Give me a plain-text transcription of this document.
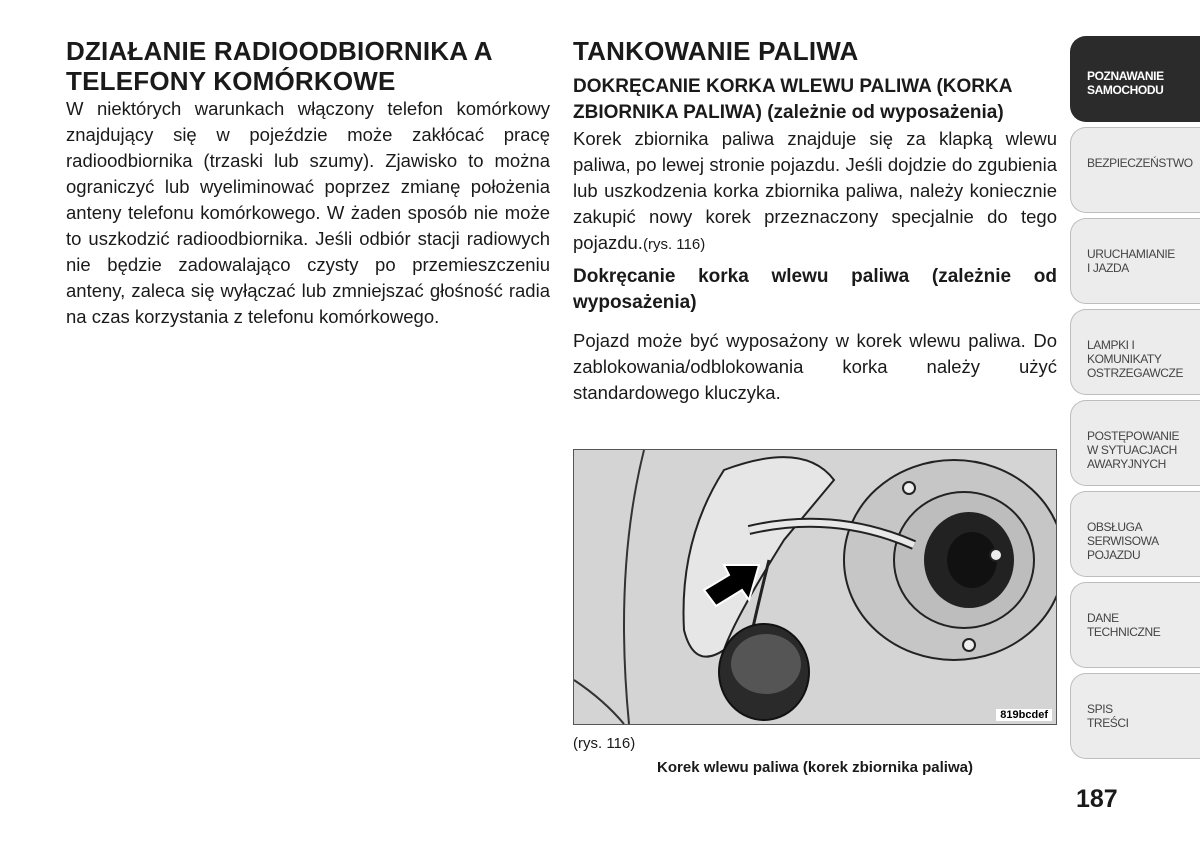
DZIAŁANIE RADIOODBIORNIKA A
TELEFONY KOMÓRKOWE

W niektórych warunkach włączony telefon komórkowy znajdujący się w pojeździe może zakłócać pracę radioodbiornika (trzaski lub szumy). Zjawisko to można ograniczyć lub wyeliminować poprzez zmianę położenia anteny telefonu komórkowego. W żaden sposób nie może to uszkodzić radioodbiornika. Jeśli odbiór stacji radiowych nie będzie zadowalająco czysty po przemieszczeniu anteny, zaleca się wyłączać lub zmniejszać głośność radia na czas korzystania z telefonu komórkowego.

TANKOWANIE PALIWA
DOKRĘCANIE KORKA WLEWU PALIWA (KORKA ZBIORNIKA PALIWA) (zależnie od wyposażenia)

Korek zbiornika paliwa znajduje się za klapką wlewu paliwa, po lewej stronie pojazdu. Jeśli dojdzie do zgubienia lub uszkodzenia korka zbiornika paliwa, należy koniecznie zakupić nowy korek przeznaczony specjalnie do tego pojazdu.(rys. 116)

Dokręcanie korka wlewu paliwa (zależnie od wyposażenia)

Pojazd może być wyposażony w korek wlewu paliwa. Do zablokowania/odblokowania korka należy użyć standardowego kluczyka.

819bcdef
(rys. 116)
Korek wlewu paliwa (korek zbiornika paliwa)
POZNAWANIE
SAMOCHODU
BEZPIECZEŃSTWO
URUCHAMIANIE
I JAZDA
LAMPKI I
KOMUNIKATY
OSTRZEGAWCZE
POSTĘPOWANIE
W SYTUACJACH
AWARYJNYCH
OBSŁUGA
SERWISOWA
POJAZDU
DANE
TECHNICZNE
SPIS
TREŚCI
187
